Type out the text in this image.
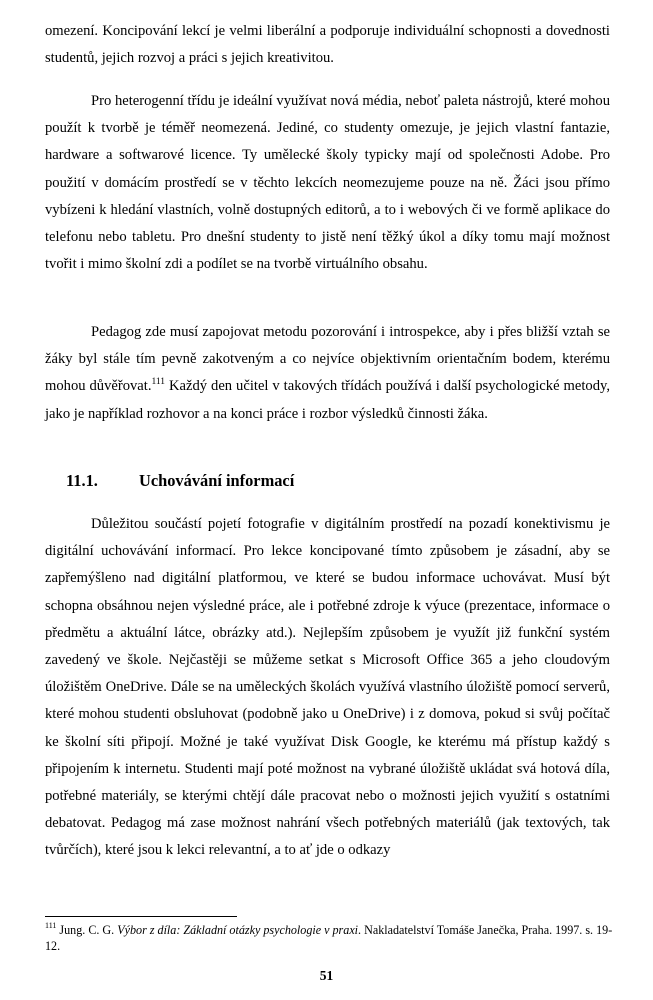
omezení. Koncipování lekcí je velmi liberální a podporuje individuální schopnosti a dovednosti studentů, jejich rozvoj a práci s jejich kreativitou.

Pro heterogenní třídu je ideální využívat nová média, neboť paleta nástrojů, které mohou použít k tvorbě je téměř neomezená. Jediné, co studenty omezuje, je jejich vlastní fantazie, hardware a softwarové licence. Ty umělecké školy typicky mají od společnosti Adobe. Pro použití v domácím prostředí se v těchto lekcích neomezujeme pouze na ně. Žáci jsou přímo vybízeni k hledání vlastních, volně dostupných editorů, a to i webových či ve formě aplikace do telefonu nebo tabletu. Pro dnešní studenty to jistě není těžký úkol a díky tomu mají možnost tvořit i mimo školní zdi a podílet se na tvorbě virtuálního obsahu.

Pedagog zde musí zapojovat metodu pozorování i introspekce, aby i přes bližší vztah se žáky byl stále tím pevně zakotveným a co nejvíce objektivním orientačním bodem, kterému mohou důvěřovat.$^{111}$ Každý den učitel v takových třídách používá i další psychologické metody, jako je například rozhovor a na konci práce i rozbor výsledků činnosti žáka.

11.1.	Uchovávání informací

Důležitou součástí pojetí fotografie v digitálním prostředí na pozadí konektivismu je digitální uchovávání informací. Pro lekce koncipované tímto způsobem je zásadní, aby se zapřemýšleno nad digitální platformou, ve které se budou informace uchovávat. Musí být schopna obsáhnou nejen výsledné práce, ale i potřebné zdroje k výuce (prezentace, informace o předmětu a aktuální látce, obrázky atd.). Nejlepším způsobem je využít již funkční systém zavedený ve škole. Nejčastěji se můžeme setkat s Microsoft Office 365 a jeho cloudovým úložištěm OneDrive. Dále se na uměleckých školách využívá vlastního úložiště pomocí serverů, které mohou studenti obsluhovat (podobně jako u OneDrive) i z domova, pokud si svůj počítač ke školní síti připojí. Možné je také využívat Disk Google, ke kterému má přístup každý s připojením k internetu. Studenti mají poté možnost na vybrané úložiště ukládat svá hotová díla, potřebné materiály, se kterými chtějí dále pracovat nebo o možnosti jejich využití s ostatními debatovat. Pedagog má zase možnost nahrání všech potřebných materiálů (jak textových, tak tvůrčích), které jsou k lekci relevantní, a to ať jde o odkazy

$^{111}$ Jung. C. G. Výbor z díla: Základní otázky psychologie v praxi. Nakladatelství Tomáše Janečka, Praha. 1997. s. 19-12.
51
